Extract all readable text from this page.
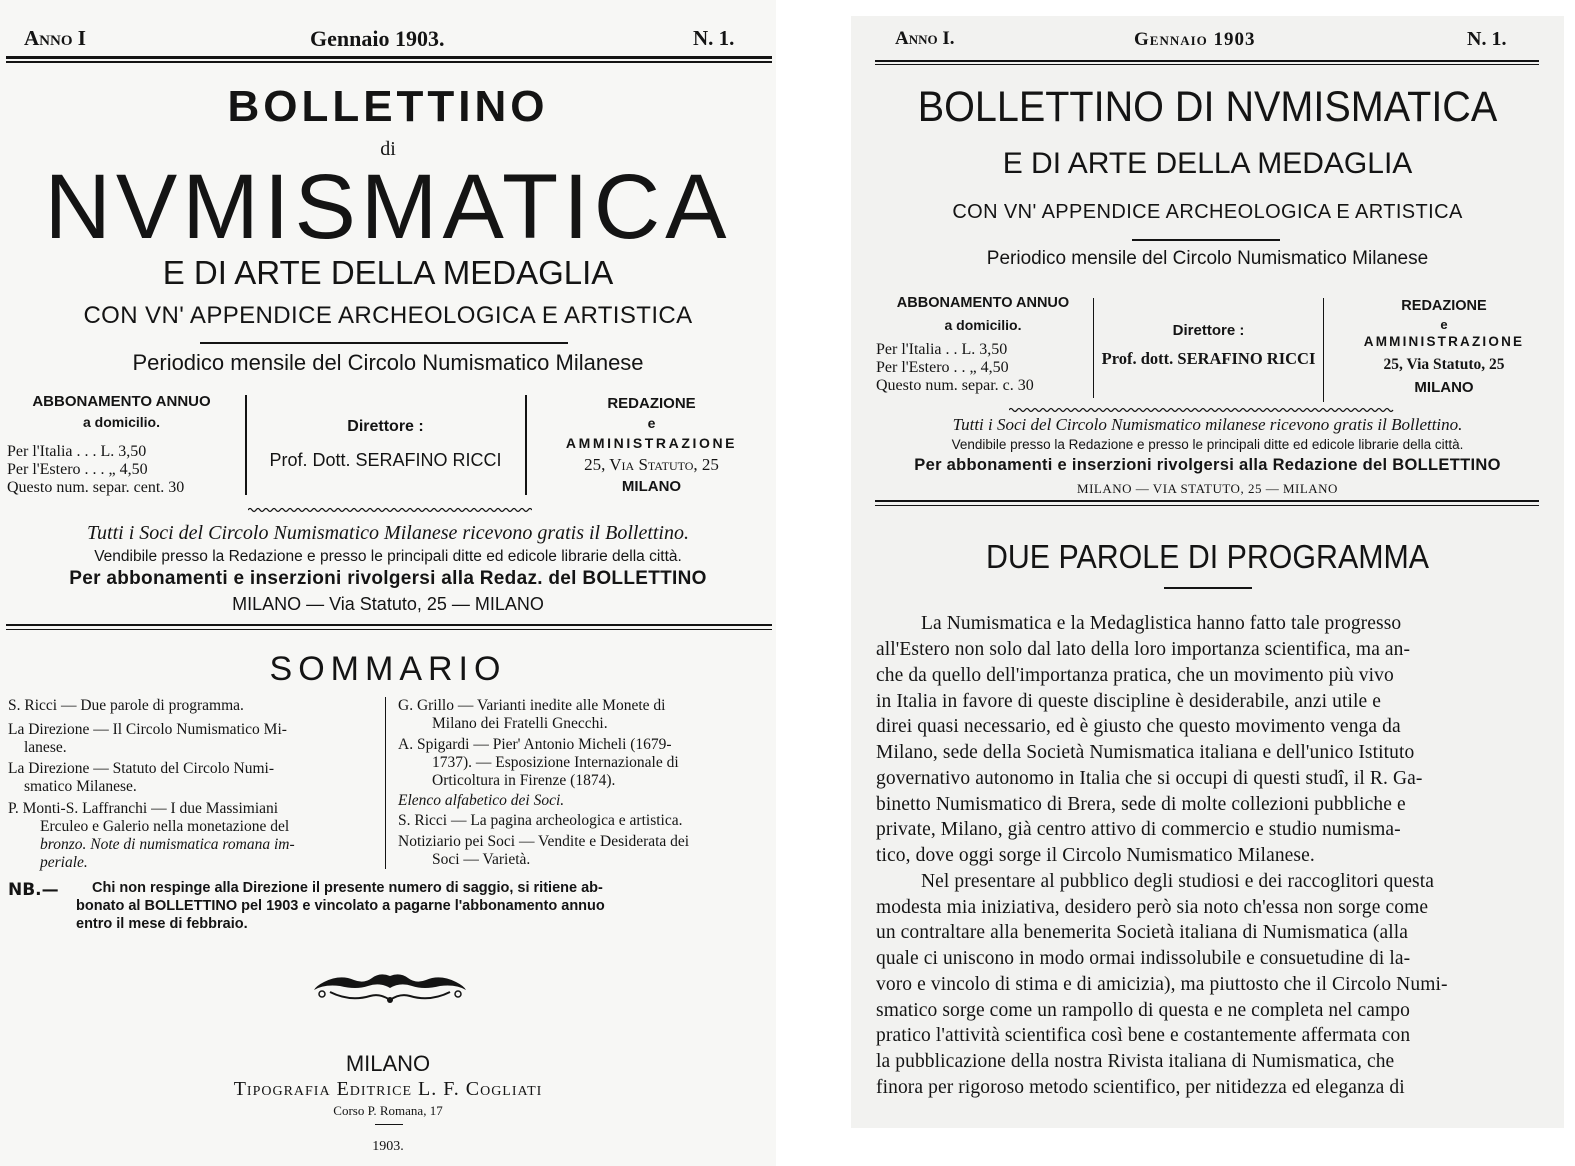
Anno I	Gennaio 1903.	N. 1.
BOLLETTINO
di
NVMISMATICA
E DI ARTE DELLA MEDAGLIA
CON VN' APPENDICE ARCHEOLOGICA E ARTISTICA
Periodico mensile del Circolo Numismatico Milanese
ABBONAMENTO ANNUO
a domicilio.
Per l'Italia . . . L. 3,50
Per l'Estero . . . „ 4,50
Questo num. separ. cent. 30
Direttore :
Prof. Dott. SERAFINO RICCI
REDAZIONE
e
AMMINISTRAZIONE
25, Via Statuto, 25
MILANO
Tutti i Soci del Circolo Numismatico Milanese ricevono gratis il Bollettino.
Vendibile presso la Redazione e presso le principali ditte ed edicole librarie della città.
Per abbonamenti e inserzioni rivolgersi alla Redaz. del BOLLETTINO
MILANO — Via Statuto, 25 — MILANO
SOMMARIO
S. Ricci — Due parole di programma.
La Direzione — Il Circolo Numismatico Mi-
lanese.
La Direzione — Statuto del Circolo Numi-
smatico Milanese.
P. Monti-S. Laffranchi — I due Massimiani
Erculeo e Galerio nella monetazione del
bronzo. Note di numismatica romana im-
periale.
G. Grillo — Varianti inedite alle Monete di
Milano dei Fratelli Gnecchi.
A. Spigardi — Pier' Antonio Micheli (1679-
1737). — Esposizione Internazionale di
Orticoltura in Firenze (1874).
Elenco alfabetico dei Soci.
S. Ricci — La pagina archeologica e artistica.
Notiziario pei Soci — Vendite e Desiderata dei
Soci — Varietà.
NB.— Chi non respinge alla Direzione il presente numero di saggio, si ritiene ab-
bonato al BOLLETTINO pel 1903 e vincolato a pagarne l'abbonamento annuo
entro il mese di febbraio.
MILANO
Tipografia Editrice L. F. Cogliati
Corso P. Romana, 17
1903.
Anno I.	Gennaio 1903	N. 1.
BOLLETTINO DI NVMISMATICA
E DI ARTE DELLA MEDAGLIA
CON VN' APPENDICE ARCHEOLOGICA E ARTISTICA
Periodico mensile del Circolo Numismatico Milanese
ABBONAMENTO ANNUO
a domicilio.
Per l'Italia . . L. 3,50
Per l'Estero . . „ 4,50
Questo num. separ. c. 30
Direttore :
Prof. dott. SERAFINO RICCI
REDAZIONE
e
AMMINISTRAZIONE
25, Via Statuto, 25
MILANO
Tutti i Soci del Circolo Numismatico milanese ricevono gratis il Bollettino.
Vendibile presso la Redazione e presso le principali ditte ed edicole librarie della città.
Per abbonamenti e inserzioni rivolgersi alla Redazione del BOLLETTINO
MILANO — VIA STATUTO, 25 — MILANO
DUE PAROLE DI PROGRAMMA
La Numismatica e la Medaglistica hanno fatto tale progresso
all'Estero non solo dal lato della loro importanza scientifica, ma an-
che da quello dell'importanza pratica, che un movimento più vivo
in Italia in favore di queste discipline è desiderabile, anzi utile e
direi quasi necessario, ed è giusto che questo movimento venga da
Milano, sede della Società Numismatica italiana e dell'unico Istituto
governativo autonomo in Italia che si occupi di questi studî, il R. Ga-
binetto Numismatico di Brera, sede di molte collezioni pubbliche e
private, Milano, già centro attivo di commercio e studio numisma-
tico, dove oggi sorge il Circolo Numismatico Milanese.
Nel presentare al pubblico degli studiosi e dei raccoglitori questa
modesta mia iniziativa, desidero però sia noto ch'essa non sorge come
un contraltare alla benemerita Società italiana di Numismatica (alla
quale ci uniscono in modo ormai indissolubile e consuetudine di la-
voro e vincolo di stima e di amicizia), ma piuttosto che il Circolo Numi-
smatico sorge come un rampollo di questa e ne completa nel campo
pratico l'attività scientifica così bene e costantemente affermata con
la pubblicazione della nostra Rivista italiana di Numismatica, che
finora per rigoroso metodo scientifico, per nitidezza ed eleganza di
